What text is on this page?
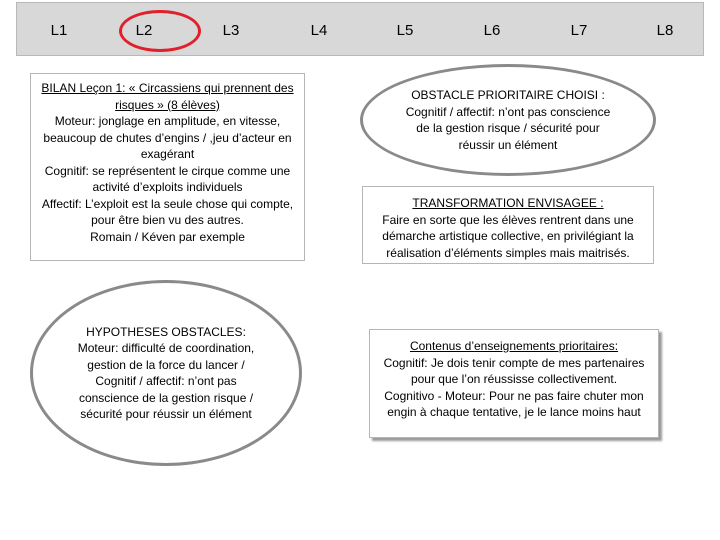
L1	L2	L3	L4	L5	L6	L7	L8
BILAN Leçon 1: « Circassiens qui prennent des risques » (8 élèves)
Moteur: jonglage en amplitude, en vitesse, beaucoup de chutes d’engins / ,jeu d’acteur en exagérant
Cognitif: se représentent le cirque comme une activité d’exploits individuels
Affectif: L’exploit est la seule chose qui compte, pour être bien vu des autres.
Romain / Kéven par exemple
OBSTACLE PRIORITAIRE CHOISI :
Cognitif / affectif: n’ont pas conscience de la gestion risque / sécurité pour réussir un élément
TRANSFORMATION ENVISAGEE :
Faire en sorte que les élèves rentrent dans une démarche artistique collective, en privilégiant la réalisation d’éléments simples mais maitrisés.
HYPOTHESES OBSTACLES:
Moteur: difficulté de coordination, gestion de la force du lancer /
Cognitif / affectif: n’ont pas conscience de la gestion risque / sécurité pour réussir un élément
Contenus d’enseignements prioritaires:
Cognitif: Je dois tenir compte de mes partenaires pour que l’on réussisse collectivement.
Cognitivo - Moteur: Pour ne pas faire chuter mon engin à chaque tentative, je le lance moins haut
